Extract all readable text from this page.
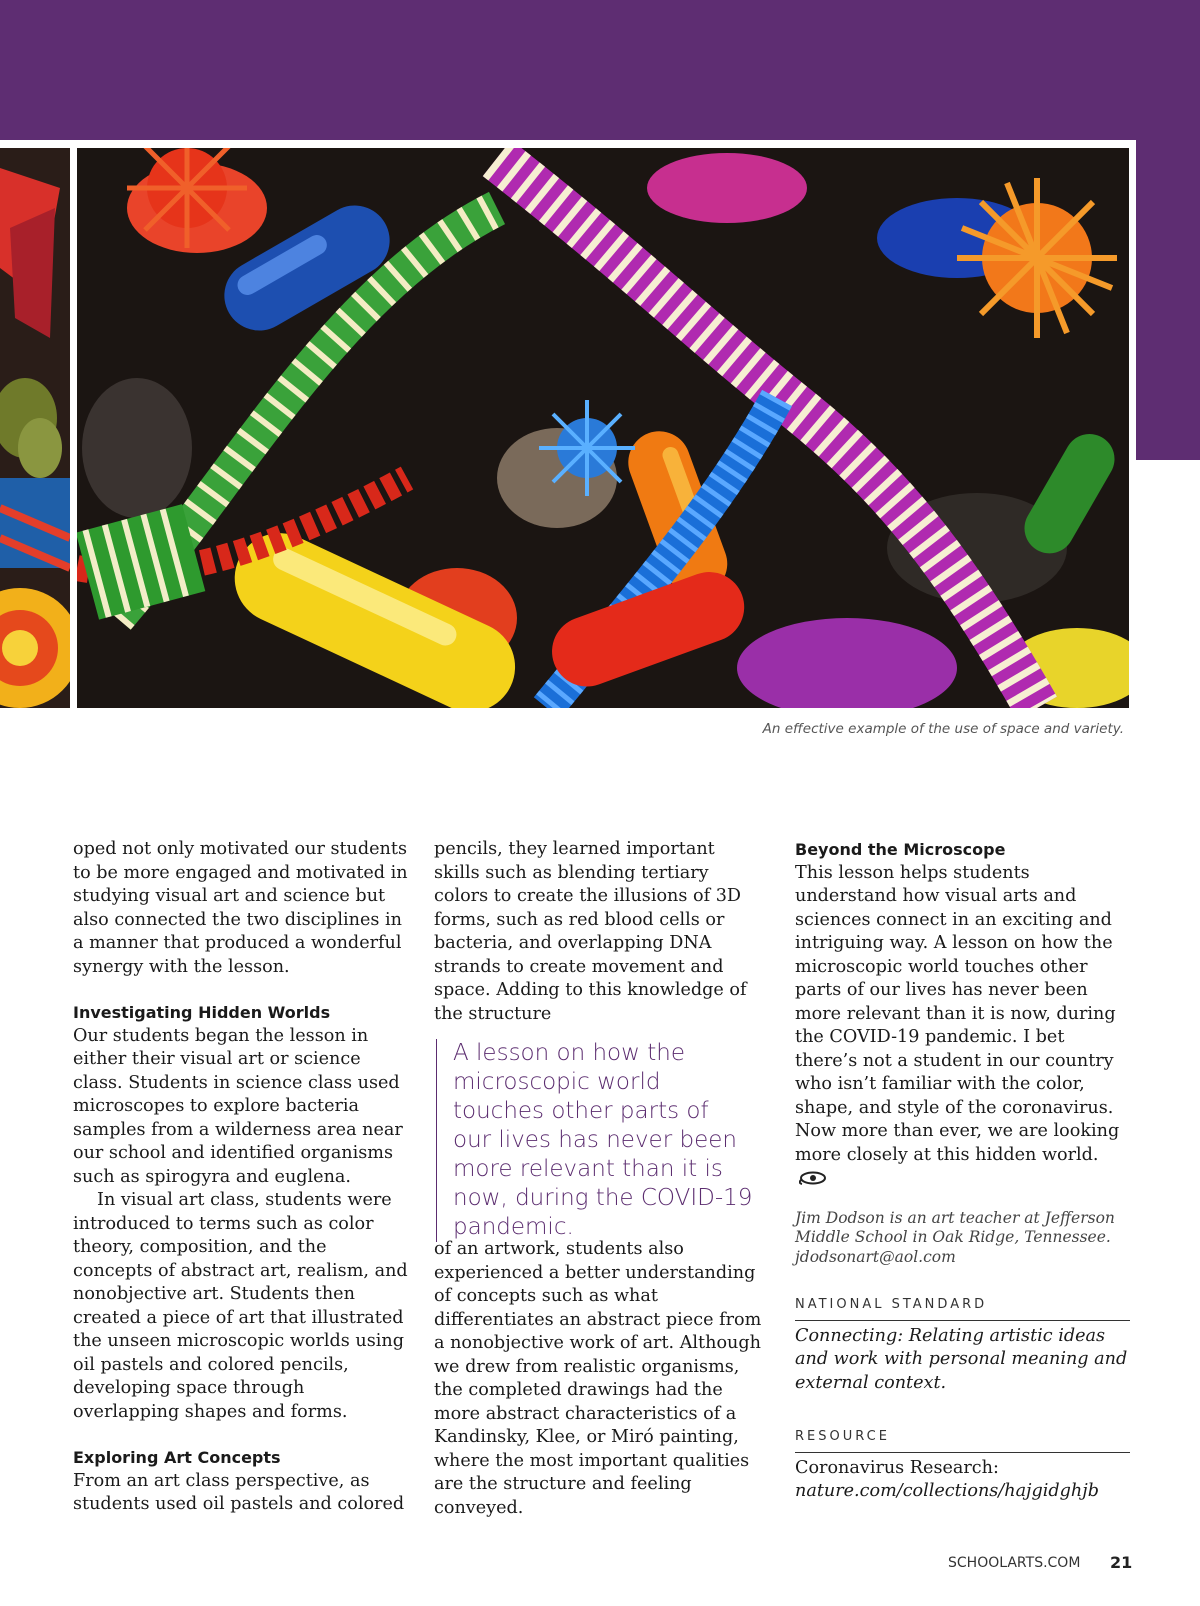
An effective example of the use of space and variety.

oped not only motivated our students to be more engaged and motivated in studying visual art and science but also connected the two disciplines in a manner that produced a wonderful synergy with the lesson.

Investigating Hidden Worlds

Our students began the lesson in either their visual art or science class. Students in science class used microscopes to explore bacteria samples from a wilderness area near our school and identified organisms such as spirogyra and euglena.

In visual art class, students were introduced to terms such as color theory, composition, and the concepts of abstract art, realism, and nonobjective art. Students then created a piece of art that illustrated the unseen microscopic worlds using oil pastels and colored pencils, developing space through overlapping shapes and forms.

Exploring Art Concepts

From an art class perspective, as students used oil pastels and colored

pencils, they learned important skills such as blending tertiary colors to create the illusions of 3D forms, such as red blood cells or bacteria, and overlapping DNA strands to create movement and space. Adding to this knowledge of the structure

A lesson on how the microscopic world touches other parts of our lives has never been more relevant than it is now, during the COVID-19 pandemic.

of an artwork, students also experienced a better understanding of concepts such as what differentiates an abstract piece from a nonobjective work of art. Although we drew from realistic organisms, the completed drawings had the more abstract characteristics of a Kandinsky, Klee, or Miró painting, where the most important qualities are the structure and feeling conveyed.

Beyond the Microscope

This lesson helps students understand how visual arts and sciences connect in an exciting and intriguing way. A lesson on how the microscopic world touches other parts of our lives has never been more relevant than it is now, during the COVID-19 pandemic. I bet there’s not a student in our country who isn’t familiar with the color, shape, and style of the coronavirus. Now more than ever, we are looking more closely at this hidden world.

Jim Dodson is an art teacher at Jefferson Middle School in Oak Ridge, Tennessee. jdodsonart@aol.com

NATIONAL STANDARD

Connecting: Relating artistic ideas and work with personal meaning and external context.

RESOURCE

Coronavirus Research: nature.com/collections/hajgidghjb

SCHOOLARTS.COM 21
